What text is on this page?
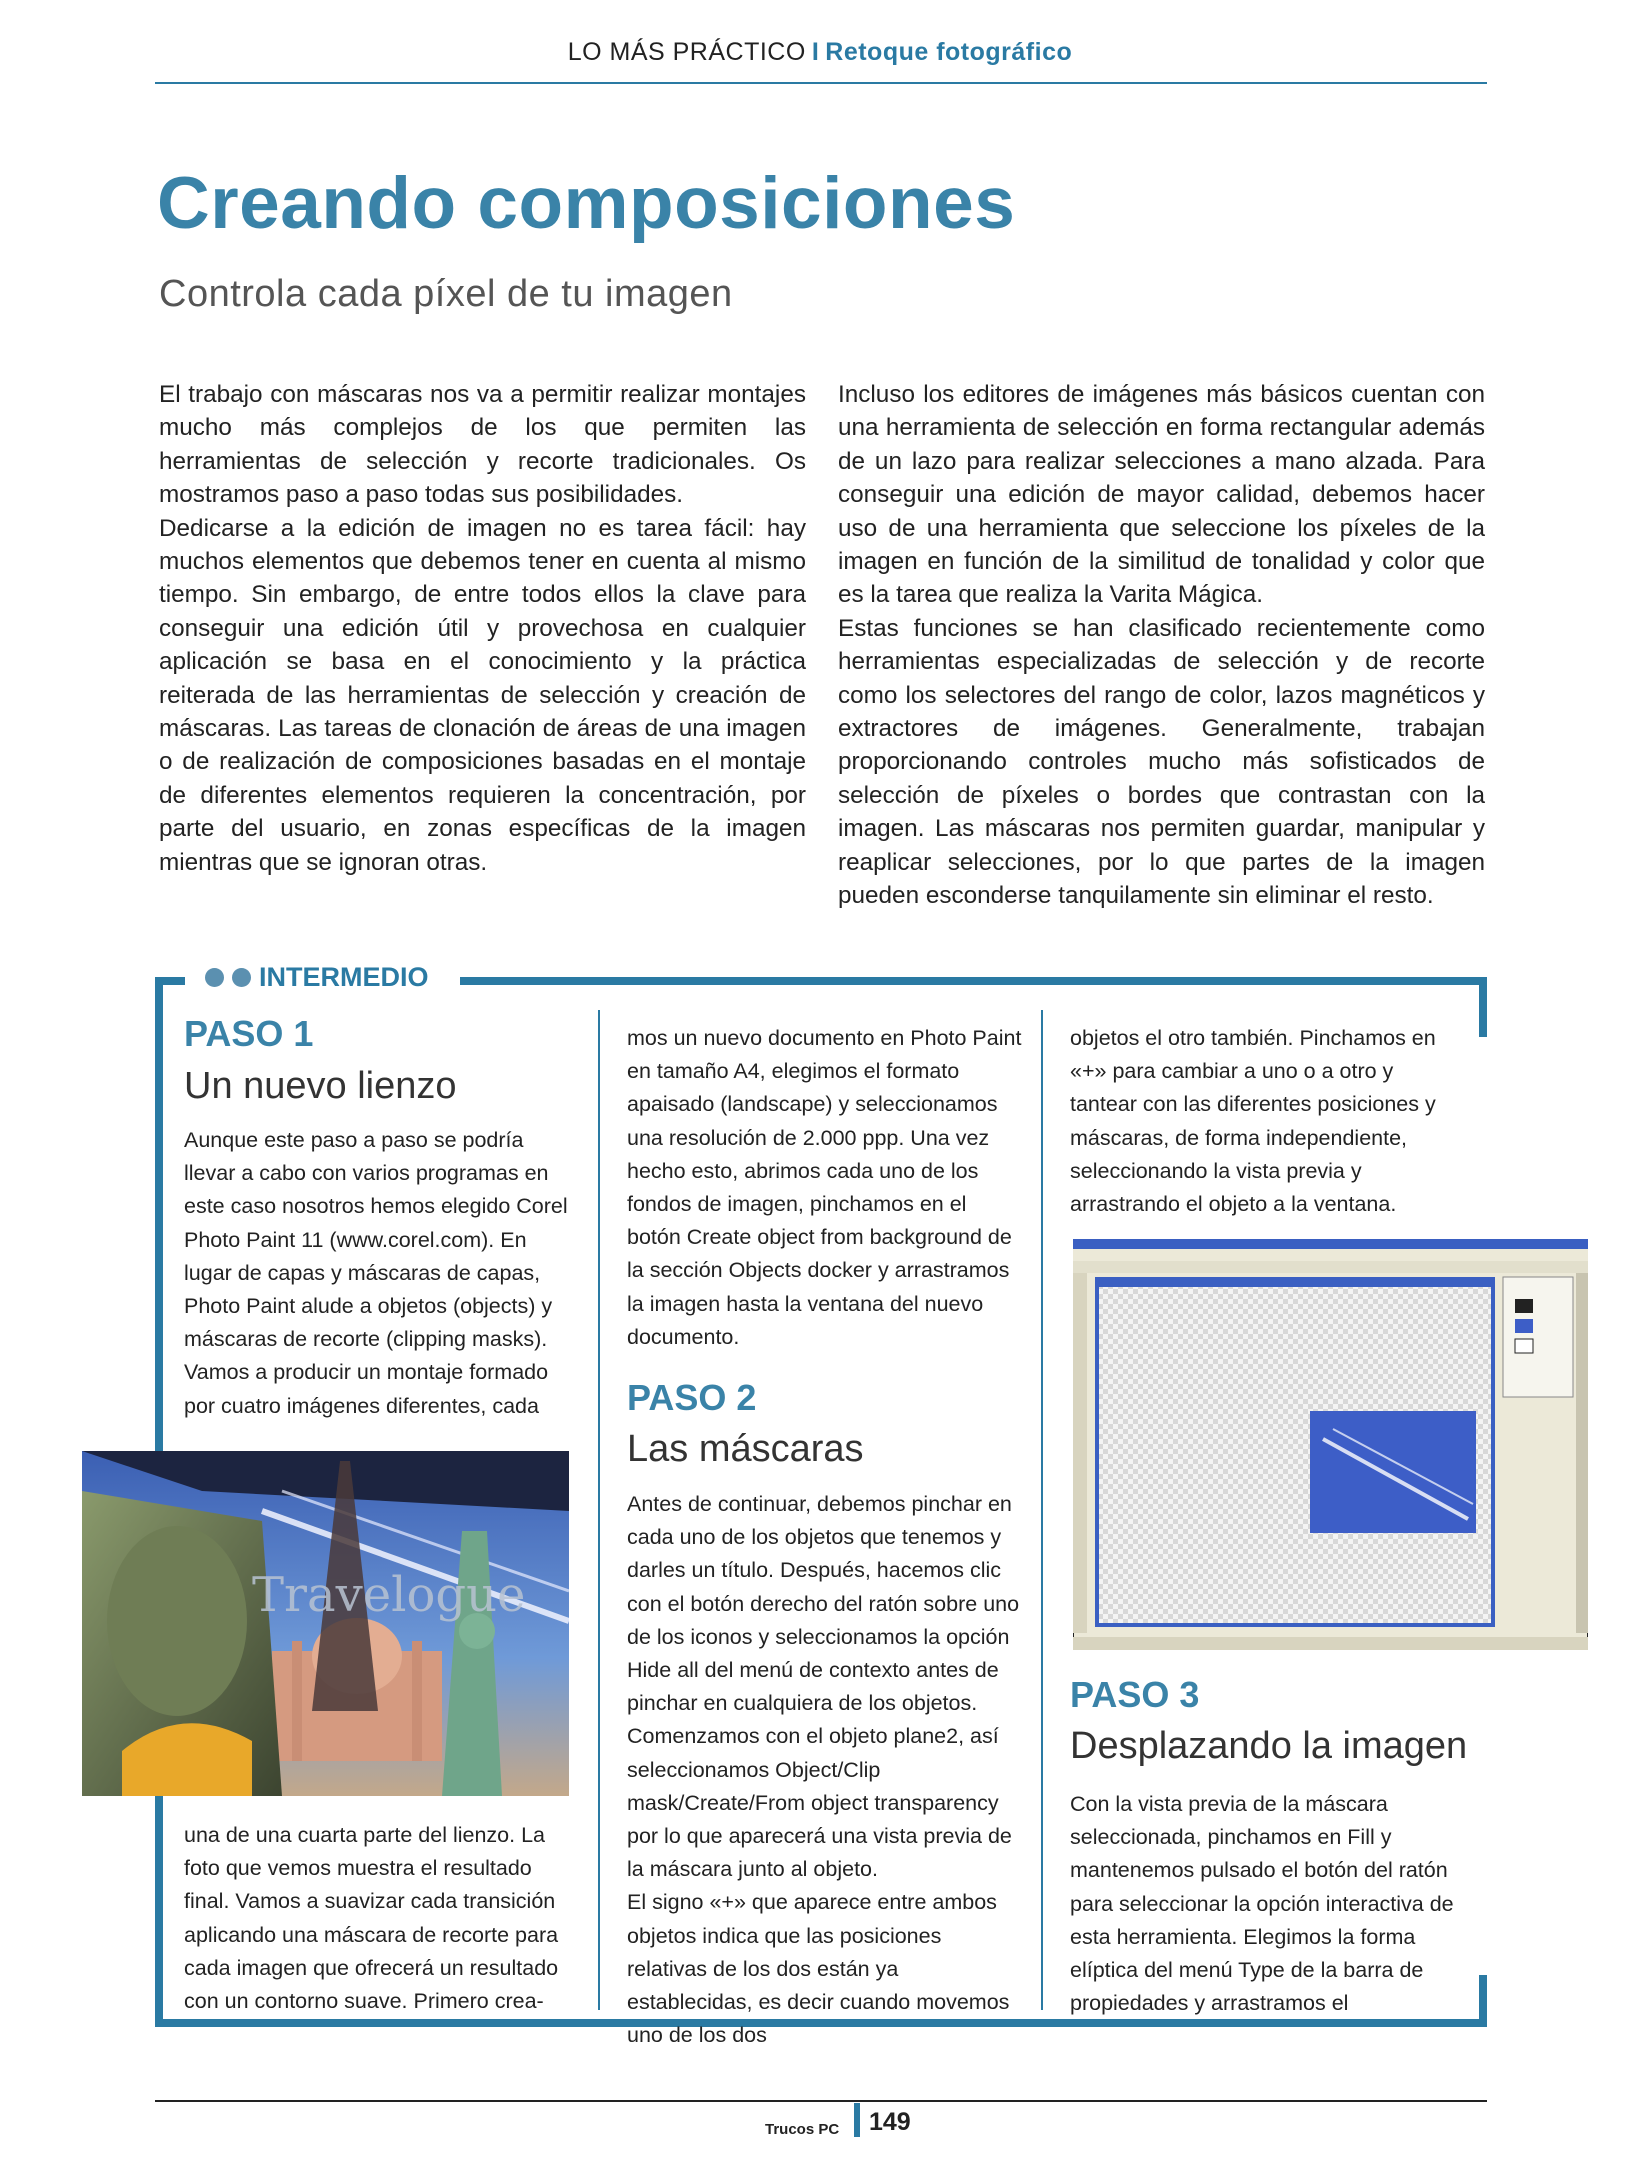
LO MÁS PRÁCTICO I Retoque fotográfico
Creando composiciones
Controla cada píxel de tu imagen

El trabajo con máscaras nos va a permitir realizar montajes mucho más complejos de los que permiten las herramientas de selección y recorte tradicionales. Os mostramos paso a paso todas sus posibilidades.

Dedicarse a la edición de imagen no es tarea fácil: hay muchos elementos que debemos tener en cuenta al mismo tiempo. Sin embargo, de entre todos ellos la clave para conseguir una edición útil y provechosa en cualquier aplicación se basa en el conocimiento y la práctica reiterada de las herramientas de selección y creación de máscaras. Las tareas de clonación de áreas de una imagen o de realización de composiciones basadas en el montaje de diferentes elementos requieren la concentración, por parte del usuario, en zonas específicas de la imagen mientras que se ignoran otras.

Incluso los editores de imágenes más básicos cuentan con una herramienta de selección en forma rectangular además de un lazo para realizar selecciones a mano alzada. Para conseguir una edición de mayor calidad, debemos hacer uso de una herramienta que seleccione los píxeles de la imagen en función de la similitud de tonalidad y color que es la tarea que realiza la Varita Mágica.

Estas funciones se han clasificado recientemente como herramientas especializadas de selección y de recorte como los selectores del rango de color, lazos magnéticos y extractores de imágenes. Generalmente, trabajan proporcionando controles mucho más sofisticados de selección de píxeles o bordes que contrastan con la imagen. Las máscaras nos permiten guardar, manipular y reaplicar selecciones, por lo que partes de la imagen pueden esconderse tanquilamente sin eliminar el resto.

INTERMEDIO
PASO 1
Un nuevo lienzo

Aunque este paso a paso se podría llevar a cabo con varios programas en este caso nosotros hemos elegido Corel Photo Paint 11 (www.corel.com). En lugar de capas y máscaras de capas, Photo Paint alude a objetos (objects) y máscaras de recorte (clipping masks). Vamos a producir un montaje formado por cuatro imágenes diferentes, cada

Travelogue

una de una cuarta parte del lienzo. La foto que vemos muestra el resultado final. Vamos a suavizar cada transición aplicando una máscara de recorte para cada imagen que ofrecerá un resultado con un contorno suave. Primero crea-

mos un nuevo documento en Photo Paint en tamaño A4, elegimos el formato apaisado (landscape) y seleccionamos una resolución de 2.000 ppp. Una vez hecho esto, abrimos cada uno de los fondos de imagen, pinchamos en el botón Create object from background de la sección Objects docker y arrastramos la imagen hasta la ventana del nuevo documento.

PASO 2
Las máscaras

Antes de continuar, debemos pinchar en cada uno de los objetos que tenemos y darles un título. Después, hacemos clic con el botón derecho del ratón sobre uno de los iconos y seleccionamos la opción Hide all del menú de contexto antes de pinchar en cualquiera de los objetos. Comenzamos con el objeto plane2, así seleccionamos Object/Clip mask/Create/From object transparency por lo que aparecerá una vista previa de la máscara junto al objeto.

El signo «+» que aparece entre ambos objetos indica que las posiciones relativas de los dos están ya establecidas, es decir cuando movemos uno de los dos

objetos el otro también. Pinchamos en «+» para cambiar a uno o a otro y tantear con las diferentes posiciones y máscaras, de forma independiente, seleccionando la vista previa y arrastrando el objeto a la ventana.

PASO 3
Desplazando la imagen

Con la vista previa de la máscara seleccionada, pinchamos en Fill y mantenemos pulsado el botón del ratón para seleccionar la opción interactiva de esta herramienta. Elegimos la forma elíptica del menú Type de la barra de propiedades y arrastramos el

Trucos PC 149
